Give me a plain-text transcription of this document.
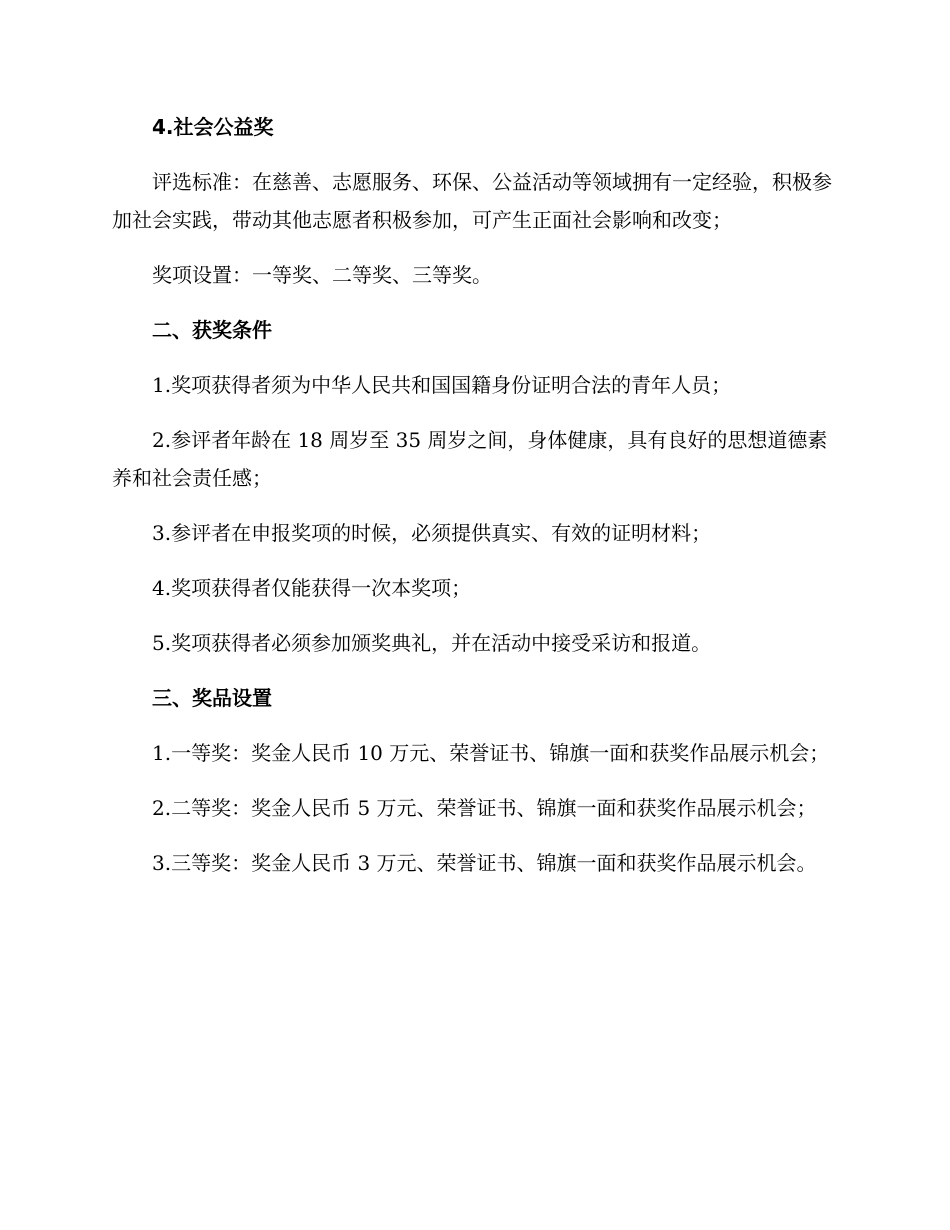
4.社会公益奖

评选标准：在慈善、志愿服务、环保、公益活动等领域拥有一定经验，积极参加社会实践，带动其他志愿者积极参加，可产生正面社会影响和改变；

奖项设置：一等奖、二等奖、三等奖。

二、获奖条件

1.奖项获得者须为中华人民共和国国籍身份证明合法的青年人员；

2.参评者年龄在 18 周岁至 35 周岁之间，身体健康，具有良好的思想道德素养和社会责任感；

3.参评者在申报奖项的时候，必须提供真实、有效的证明材料；

4.奖项获得者仅能获得一次本奖项；

5.奖项获得者必须参加颁奖典礼，并在活动中接受采访和报道。

三、奖品设置

1.一等奖：奖金人民币 10 万元、荣誉证书、锦旗一面和获奖作品展示机会；

2.二等奖：奖金人民币 5 万元、荣誉证书、锦旗一面和获奖作品展示机会；

3.三等奖：奖金人民币 3 万元、荣誉证书、锦旗一面和获奖作品展示机会。
